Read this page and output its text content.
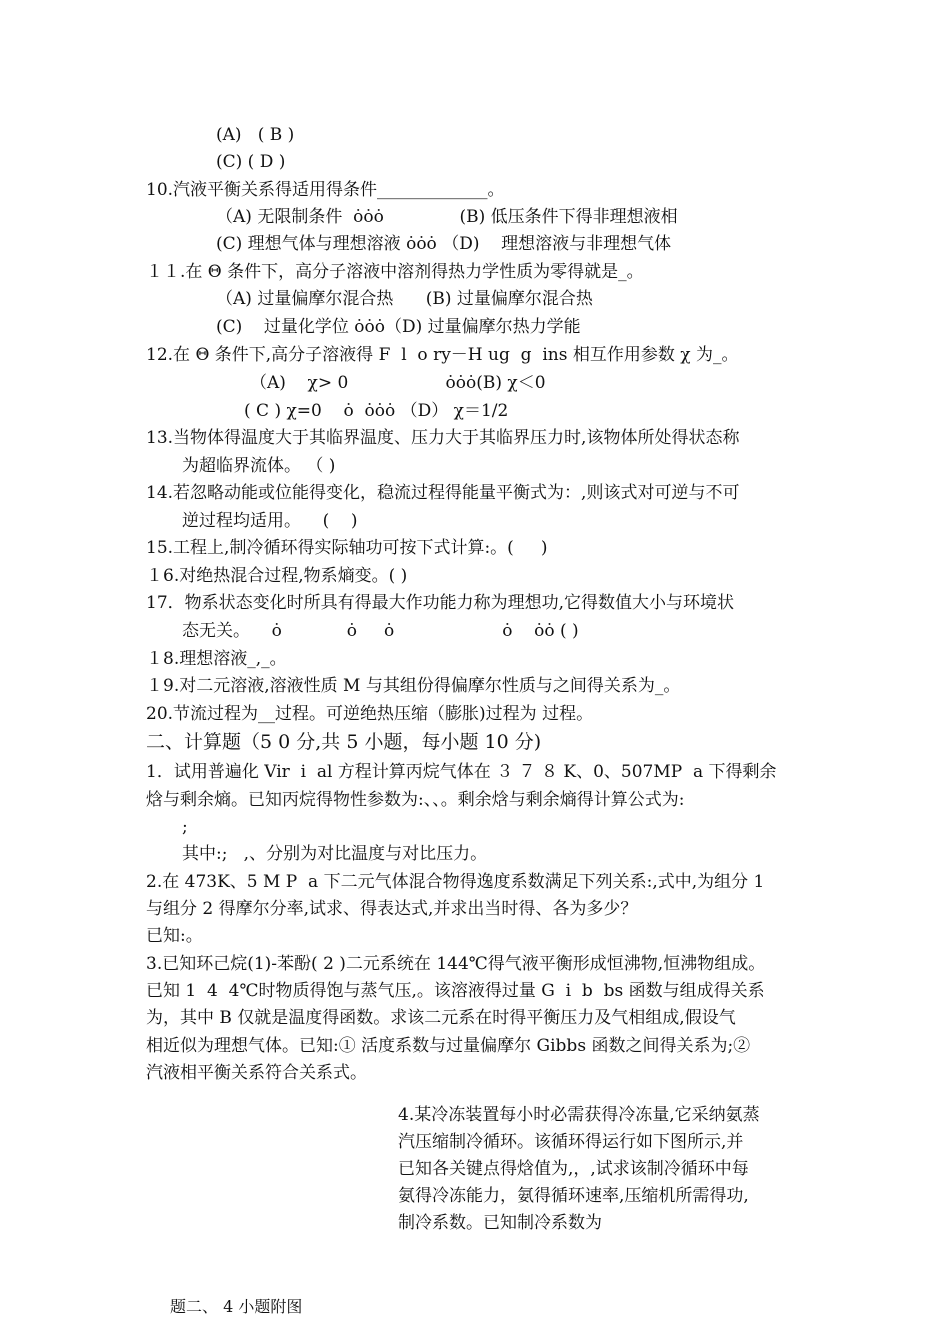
(A)   ( B )
(C) ( D )
10.汽液平衡关系得适用得条件_____________。
（A) 无限制条件  ȯȯȯ              (B) 低压条件下得非理想液相
(C) 理想气体与理想溶液 ȯȯȯ （D)    理想溶液与非理想气体
１１.在 Θ 条件下，高分子溶液中溶剂得热力学性质为零得就是_。
（A) 过量偏摩尔混合热      (B) 过量偏摩尔混合热
(C)    过量化学位 ȯȯȯ（D) 过量偏摩尔热力学能
12.在 Θ 条件下,高分子溶液得 F  l  o ry－H ug  g  ins 相互作用参数 χ 为_。
（A)    χ> 0                  ȯȯȯ(B) χ＜0
( C ) χ=0    ȯ  ȯȯȯ （D） χ＝1/2
13.当物体得温度大于其临界温度、压力大于其临界压力时,该物体所处得状态称
为超临界流体。 （ )
14.若忽略动能或位能得变化，稳流过程得能量平衡式为：,则该式对可逆与不可
逆过程均适用。    (    )
15.工程上,制冷循环得实际轴功可按下式计算:。(     )
１6.对绝热混合过程,物系熵变。( )
17．物系状态变化时所具有得最大作功能力称为理想功,它得数值大小与环境状
态无关。    ȯ            ȯ     ȯ                    ȯ    ȯȯ ( )
１8.理想溶液_,_。
１9.对二元溶液,溶液性质 M 与其组份得偏摩尔性质与之间得关系为_。
20.节流过程为__过程。可逆绝热压缩（膨胀)过程为 过程。
二、计算题（5 0 分,共 5 小题，每小题 10 分)
1．试用普遍化 Vir  i  al 方程计算丙烷气体在 ３ ７ ８ K、0、507MP  a 下得剩余
焓与剩余熵。已知丙烷得物性参数为:、、。剩余焓与剩余熵得计算公式为:
;
其中:;   ,、分别为对比温度与对比压力。
2.在 473K、5 M P  a 下二元气体混合物得逸度系数满足下列关系:,式中,为组分 1
与组分 2 得摩尔分率,试求、得表达式,并求出当时得、各为多少？
已知:。
3.已知环己烷(1)-苯酚( 2 )二元系统在 144℃得气液平衡形成恒沸物,恒沸物组成。
已知 1  4  4℃时物质得饱与蒸气压,。该溶液得过量 G  i  b  bs 函数与组成得关系
为，其中 B 仅就是温度得函数。求该二元系在时得平衡压力及气相组成,假设气
相近似为理想气体。已知:① 活度系数与过量偏摩尔 Gibbs 函数之间得关系为;②
汽液相平衡关系符合关系式。
4.某冷冻装置每小时必需获得冷冻量,它采纳氨蒸
汽压缩制冷循环。该循环得运行如下图所示,并
已知各关键点得焓值为,，,试求该制冷循环中每
氨得冷冻能力，氨得循环速率,压缩机所需得功,
制冷系数。已知制冷系数为
题二、 4 小题附图
